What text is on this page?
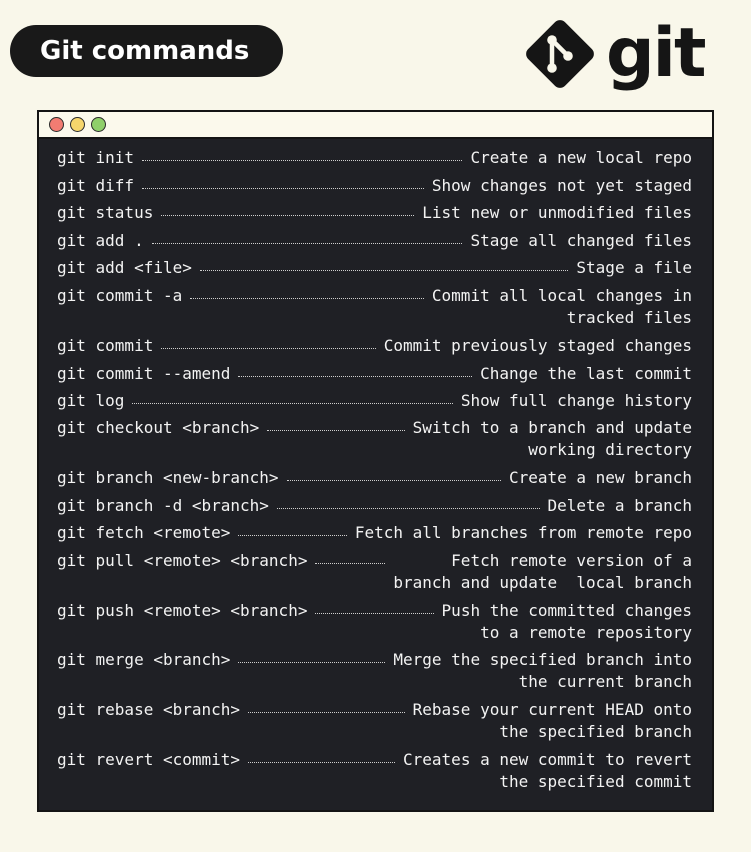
Git commands	git
git init	Create a new local repo
git diff	Show changes not yet staged
git status	List new or unmodified files
git add .	Stage all changed files
git add <file>	Stage a file
git commit -a	Commit all local changes in
tracked files
git commit	Commit previously staged changes
git commit --amend	Change the last commit
git log	Show full change history
git checkout <branch>	Switch to a branch and update
working directory
git branch <new-branch>	Create a new branch
git branch -d <branch>	Delete a branch
git fetch <remote>	Fetch all branches from remote repo
git pull <remote> <branch>	Fetch remote version of a
branch and update  local branch
git push <remote> <branch>	Push the committed changes
to a remote repository
git merge <branch>	Merge the specified branch into
the current branch
git rebase <branch>	Rebase your current HEAD onto
the specified branch
git revert <commit>	Creates a new commit to revert
the specified commit
